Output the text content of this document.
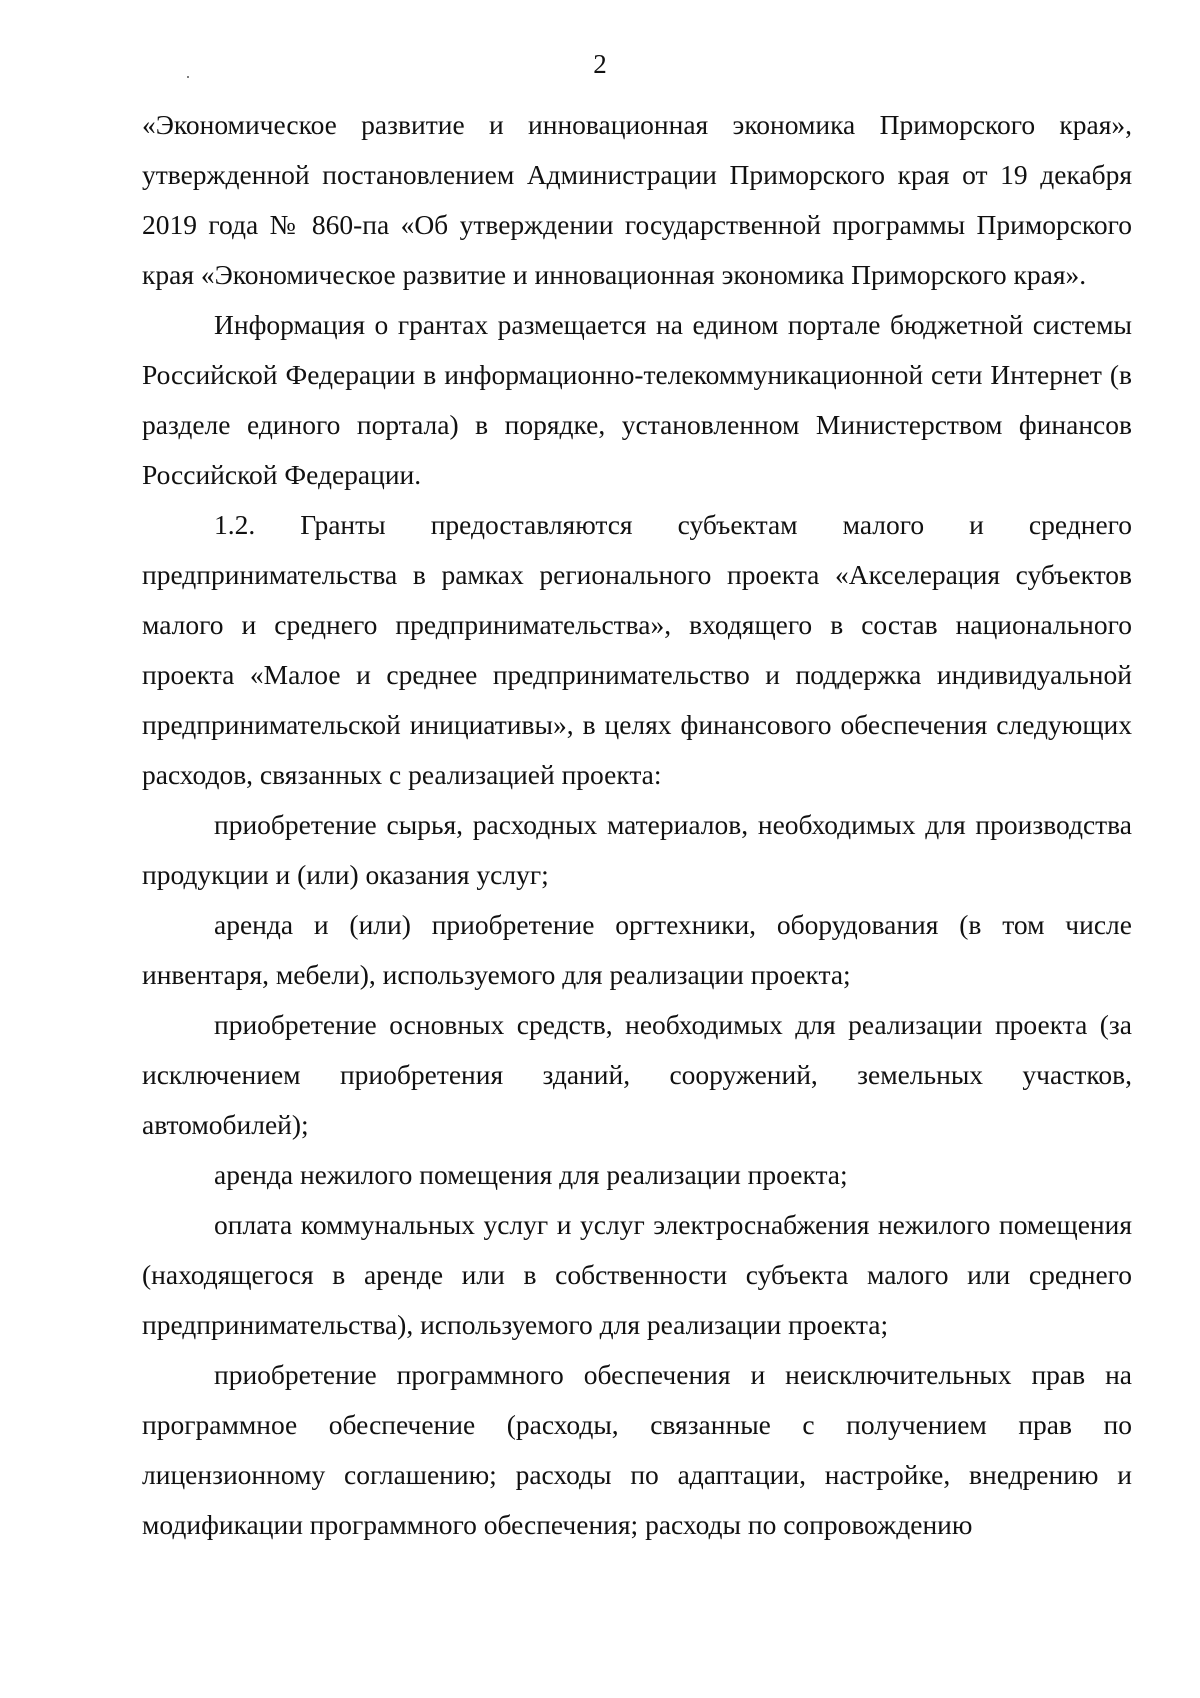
2

«Экономическое развитие и инновационная экономика Приморского края», утвержденной постановлением Администрации Приморского края от 19 декабря 2019 года № 860-па «Об утверждении государственной программы Приморского края «Экономическое развитие и инновационная экономика Приморского края».

Информация о грантах размещается на едином портале бюджетной системы Российской Федерации в информационно-телекоммуникационной сети Интернет (в разделе единого портала) в порядке, установленном Министерством финансов Российской Федерации.

1.2. Гранты предоставляются субъектам малого и среднего предпринимательства в рамках регионального проекта «Акселерация субъектов малого и среднего предпринимательства», входящего в состав национального проекта «Малое и среднее предпринимательство и поддержка индивидуальной предпринимательской инициативы», в целях финансового обеспечения следующих расходов, связанных с реализацией проекта:

приобретение сырья, расходных материалов, необходимых для производства продукции и (или) оказания услуг;

аренда и (или) приобретение оргтехники, оборудования (в том числе инвентаря, мебели), используемого для реализации проекта;

приобретение основных средств, необходимых для реализации проекта (за исключением приобретения зданий, сооружений, земельных участков, автомобилей);

аренда нежилого помещения для реализации проекта;

оплата коммунальных услуг и услуг электроснабжения нежилого помещения (находящегося в аренде или в собственности субъекта малого или среднего предпринимательства), используемого для реализации проекта;

приобретение программного обеспечения и неисключительных прав на программное обеспечение (расходы, связанные с получением прав по лицензионному соглашению; расходы по адаптации, настройке, внедрению и модификации программного обеспечения; расходы по сопровождению
